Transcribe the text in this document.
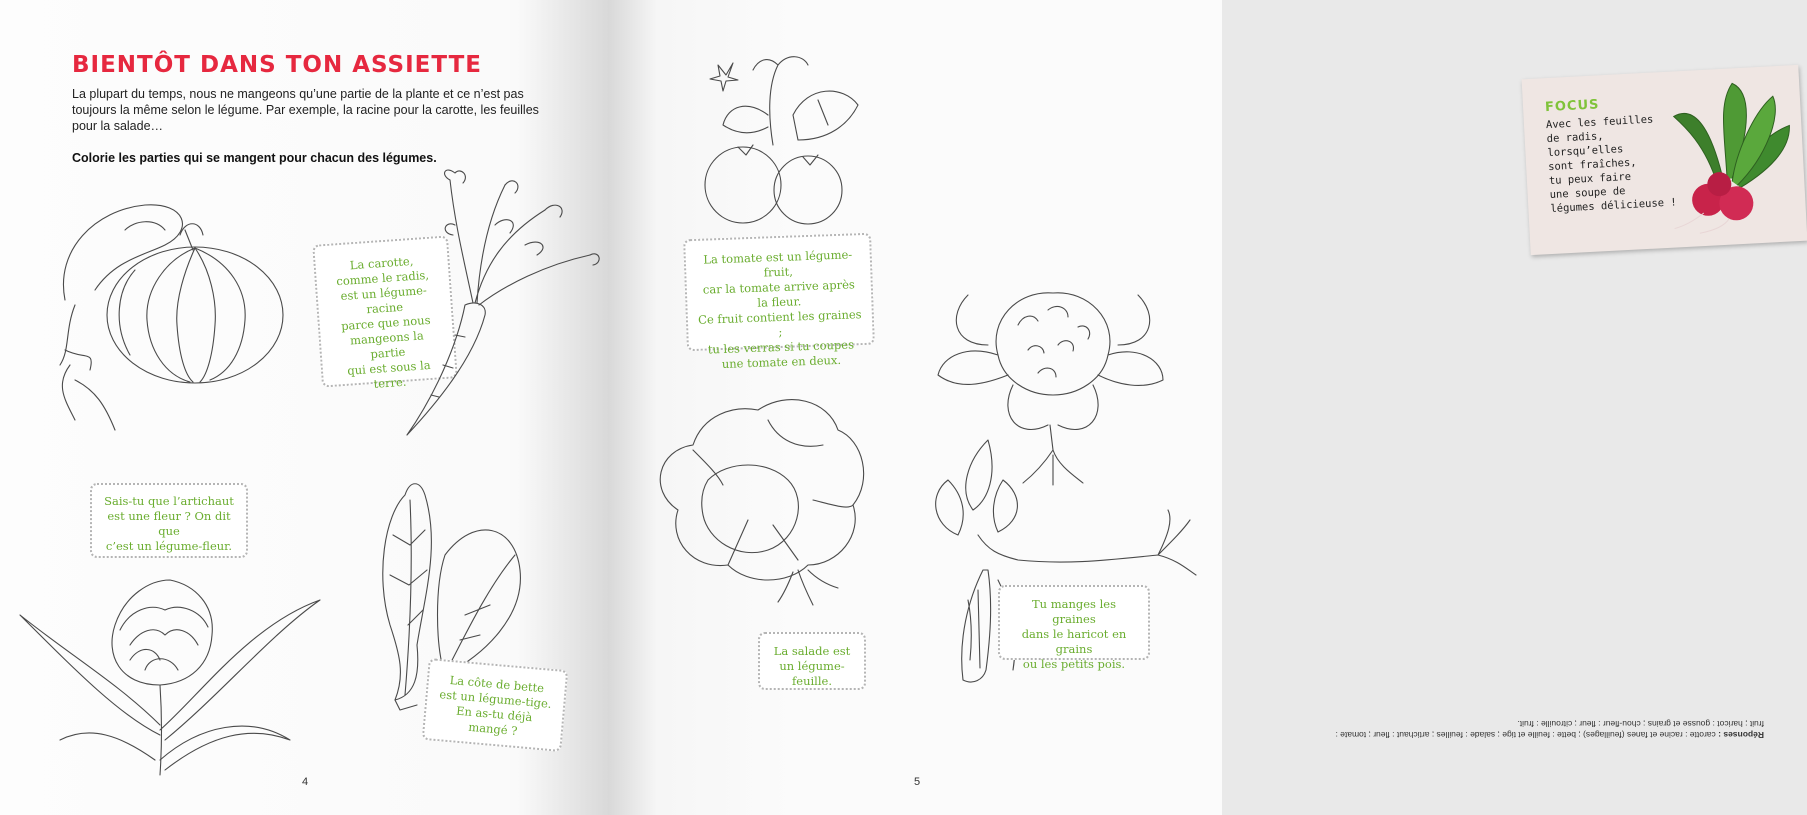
BIENTÔT DANS TON ASSIETTE
La plupart du temps, nous ne mangeons qu’une partie de la plante et ce n’est pas toujours la même selon le légume. Par exemple, la racine pour la carotte, les feuilles pour la salade…
Colorie les parties qui se mangent pour chacun des légumes.
La carotte,
comme le radis,
est un légume-racine
parce que nous
mangeons la partie
qui est sous la terre.
Sais-tu que l’artichaut
est une fleur ? On dit que
c’est un légume-fleur.
La côte de bette
est un légume-tige.
En as-tu déjà mangé ?
4
La tomate est un légume-fruit,
car la tomate arrive après la fleur.
Ce fruit contient les graines ;
tu les verras si tu coupes
une tomate en deux.
FOCUS
Avec les feuilles
de radis, lorsqu’elles
sont fraîches,
tu peux faire
une soupe de
légumes délicieuse !
La salade est
un légume-feuille.
Tu manges les graines
dans le haricot en grains
ou les petits pois.
Réponses : carotte : racine et fanes (feuillages) ; bette : feuille et tige ; salade : feuilles ; artichaut : fleur ; tomate : fruit ; haricot : gousse et grains ; chou-fleur : fleur ; citrouille : fruit.
5
